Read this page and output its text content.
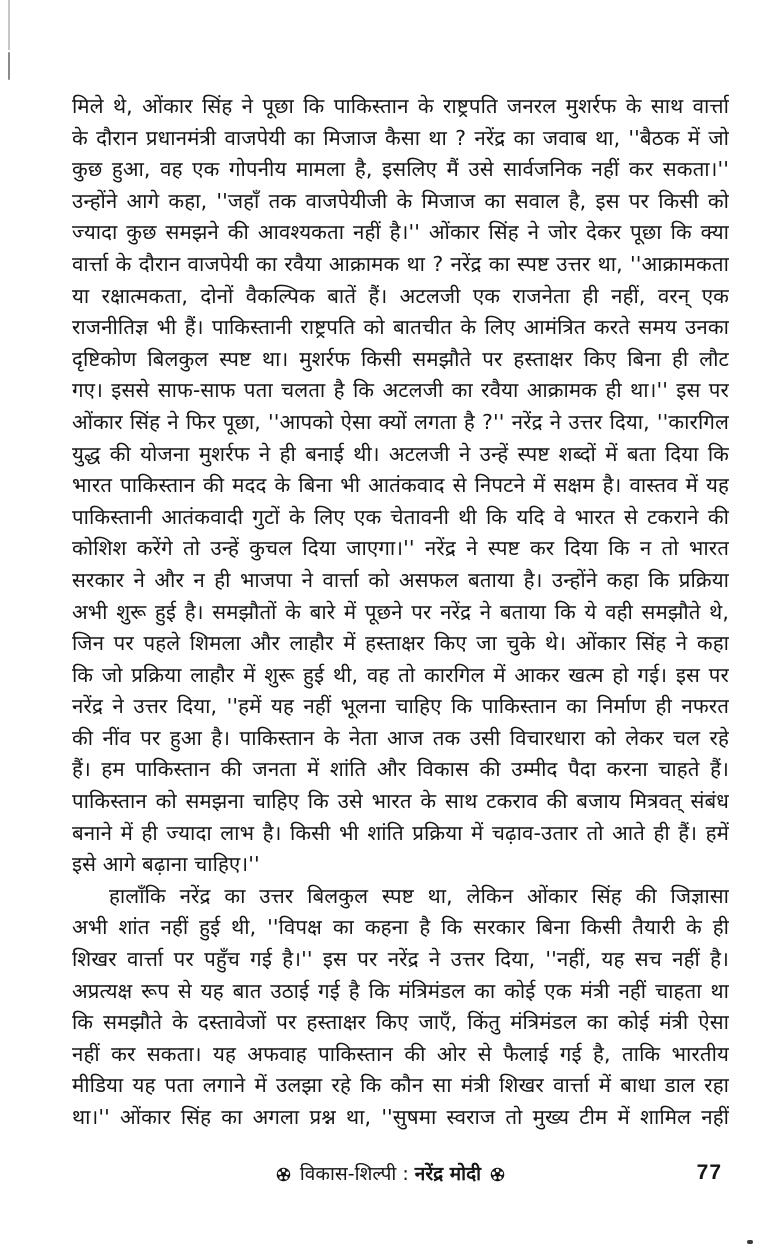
मिले थे, ओंकार सिंह ने पूछा कि पाकिस्तान के राष्ट्रपति जनरल मुशर्रफ के साथ वार्त्ता
के दौरान प्रधानमंत्री वाजपेयी का मिजाज कैसा था ? नरेंद्र का जवाब था, ''बैठक में जो
कुछ हुआ, वह एक गोपनीय मामला है, इसलिए मैं उसे सार्वजनिक नहीं कर सकता।''
उन्होंने आगे कहा, ''जहाँ तक वाजपेयीजी के मिजाज का सवाल है, इस पर किसी को
ज्यादा कुछ समझने की आवश्यकता नहीं है।'' ओंकार सिंह ने जोर देकर पूछा कि क्या
वार्त्ता के दौरान वाजपेयी का रवैया आक्रामक था ? नरेंद्र का स्पष्ट उत्तर था, ''आक्रामकता
या रक्षात्मकता, दोनों वैकल्पिक बातें हैं। अटलजी एक राजनेता ही नहीं, वरन् एक
राजनीतिज्ञ भी हैं। पाकिस्तानी राष्ट्रपति को बातचीत के लिए आमंत्रित करते समय उनका
दृष्टिकोण बिलकुल स्पष्ट था। मुशर्रफ किसी समझौते पर हस्ताक्षर किए बिना ही लौट
गए। इससे साफ-साफ पता चलता है कि अटलजी का रवैया आक्रामक ही था।'' इस पर
ओंकार सिंह ने फिर पूछा, ''आपको ऐसा क्यों लगता है ?'' नरेंद्र ने उत्तर दिया, ''कारगिल
युद्ध की योजना मुशर्रफ ने ही बनाई थी। अटलजी ने उन्हें स्पष्ट शब्दों में बता दिया कि
भारत पाकिस्तान की मदद के बिना भी आतंकवाद से निपटने में सक्षम है। वास्तव में यह
पाकिस्तानी आतंकवादी गुटों के लिए एक चेतावनी थी कि यदि वे भारत से टकराने की
कोशिश करेंगे तो उन्हें कुचल दिया जाएगा।'' नरेंद्र ने स्पष्ट कर दिया कि न तो भारत
सरकार ने और न ही भाजपा ने वार्त्ता को असफल बताया है। उन्होंने कहा कि प्रक्रिया
अभी शुरू हुई है। समझौतों के बारे में पूछने पर नरेंद्र ने बताया कि ये वही समझौते थे,
जिन पर पहले शिमला और लाहौर में हस्ताक्षर किए जा चुके थे। ओंकार सिंह ने कहा
कि जो प्रक्रिया लाहौर में शुरू हुई थी, वह तो कारगिल में आकर खत्म हो गई। इस पर
नरेंद्र ने उत्तर दिया, ''हमें यह नहीं भूलना चाहिए कि पाकिस्तान का निर्माण ही नफरत
की नींव पर हुआ है। पाकिस्तान के नेता आज तक उसी विचारधारा को लेकर चल रहे
हैं। हम पाकिस्तान की जनता में शांति और विकास की उम्मीद पैदा करना चाहते हैं।
पाकिस्तान को समझना चाहिए कि उसे भारत के साथ टकराव की बजाय मित्रवत् संबंध
बनाने में ही ज्यादा लाभ है। किसी भी शांति प्रक्रिया में चढ़ाव-उतार तो आते ही हैं। हमें
इसे आगे बढ़ाना चाहिए।''
हालाँकि नरेंद्र का उत्तर बिलकुल स्पष्ट था, लेकिन ओंकार सिंह की जिज्ञासा
अभी शांत नहीं हुई थी, ''विपक्ष का कहना है कि सरकार बिना किसी तैयारी के ही
शिखर वार्त्ता पर पहुँच गई है।'' इस पर नरेंद्र ने उत्तर दिया, ''नहीं, यह सच नहीं है।
अप्रत्यक्ष रूप से यह बात उठाई गई है कि मंत्रिमंडल का कोई एक मंत्री नहीं चाहता था
कि समझौते के दस्तावेजों पर हस्ताक्षर किए जाएँ, किंतु मंत्रिमंडल का कोई मंत्री ऐसा
नहीं कर सकता। यह अफवाह पाकिस्तान की ओर से फैलाई गई है, ताकि भारतीय
मीडिया यह पता लगाने में उलझा रहे कि कौन सा मंत्री शिखर वार्त्ता में बाधा डाल रहा
था।'' ओंकार सिंह का अगला प्रश्न था, ''सुषमा स्वराज तो मुख्य टीम में शामिल नहीं
विकास-शिल्पी : नरेंद्र मोदी	77
